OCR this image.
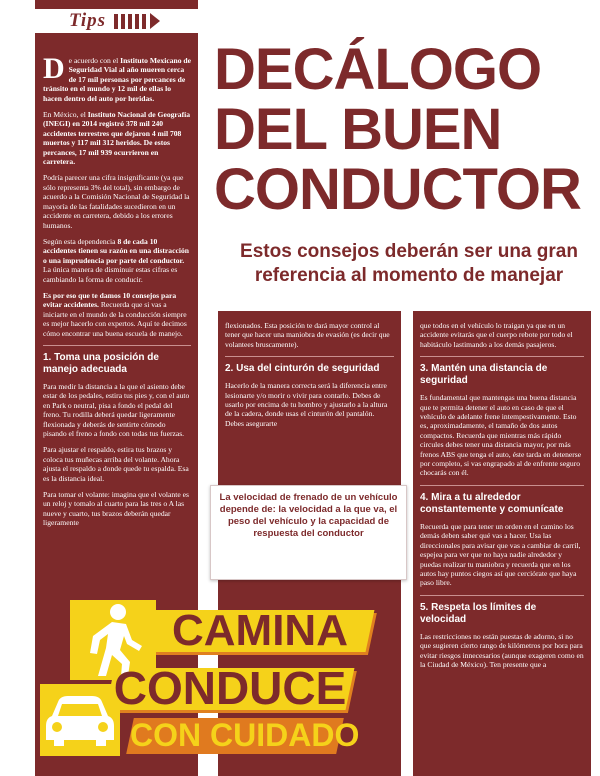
Tips

De acuerdo con el Instituto Mexicano de Seguridad Vial al año mueren cerca de 17 mil personas por percances de tránsito en el mundo y 12 mil de ellas lo hacen dentro del auto por heridas.

En México, el Instituto Nacional de Geografía (INEGI) en 2014 registró 378 mil 240 accidentes terrestres que dejaron 4 mil 708 muertos y 117 mil 312 heridos. De estos percances, 17 mil 939 ocurrieron en carretera.

Podría parecer una cifra insignificante (ya que sólo representa 3% del total), sin embargo de acuerdo a la Comisión Nacional de Seguridad la mayoría de las fatalidades sucedieron en un accidente en carretera, debido a los errores humanos.

Según esta dependencia 8 de cada 10 accidentes tienen su razón en una distracción o una imprudencia por parte del conductor. La única manera de disminuir estas cifras es cambiando la forma de conducir.

Es por eso que te damos 10 consejos para evitar accidentes. Recuerda que si vas a iniciarte en el mundo de la conducción siempre es mejor hacerlo con expertos. Aquí te decimos cómo encontrar una buena escuela de manejo.

1. Toma una posición de manejo adecuada

Para medir la distancia a la que el asiento debe estar de los pedales, estira tus pies y, con el auto en Park o neutral, pisa a fondo el pedal del freno. Tu rodilla deberá quedar ligeramente flexionada y deberás de sentirte cómodo pisando el freno a fondo con todas tus fuerzas.

Para ajustar el respaldo, estira tus brazos y coloca tus muñecas arriba del volante. Ahora ajusta el respaldo a donde quede tu espalda. Esa es la distancia ideal.

Para tomar el volante: imagina que el volante es un reloj y tomalo al cuarto para las tres o A las nueve y cuarto, tus brazos deberán quedar ligeramente

DECÁLOGO
DEL BUEN
CONDUCTOR
Estos consejos deberán ser una gran referencia al momento de manejar

flexionados. Esta posición te dará mayor control al tener que hacer una maniobra de evasión (es decir que volantees bruscamente).

2. Usa del cinturón de seguridad

Hacerlo de la manera correcta será la diferencia entre lesionarte y/o morir o vivir para contarlo. Debes de usarlo por encima de tu hombro y ajustarlo a la altura de la cadera, donde usas el cinturón del pantalón. Debes asegurarte

que todos en el vehículo lo traigan ya que en un accidente evitarás que el cuerpo rebote por todo el habitáculo lastimando a los demás pasajeros.

3. Mantén una distancia de seguridad

Es fundamental que mantengas una buena distancia que te permita detener el auto en caso de que el vehículo de adelante frene intempestivamente. Esto es, aproximadamente, el tamaño de dos autos compactos. Recuerda que mientras más rápido circules debes tener una distancia mayor, por más frenos ABS que tenga el auto, éste tarda en detenerse por completo, si vas engrapado al de enfrente seguro chocarás con él.

4. Mira a tu alrededor constantemente y comunícate

Recuerda que para tener un orden en el camino los demás deben saber qué vas a hacer. Usa las direccionales para avisar que vas a cambiar de carril, espejea para ver que no haya nadie alrededor y puedas realizar tu maniobra y recuerda que en los autos hay puntos ciegos así que cerciórate que haya paso libre.

5. Respeta los límites de velocidad

Las restricciones no están puestas de adorno, si no que sugieren cierto rango de kilómetros por hora para evitar riesgos innecesarios (aunque exageren como en la Ciudad de México). Ten presente que a

La velocidad de frenado de un vehículo depende de: la velocidad a la que va, el peso del vehículo y la capacidad de respuesta del conductor
CAMINA
CONDUCE
CON CUIDADO
